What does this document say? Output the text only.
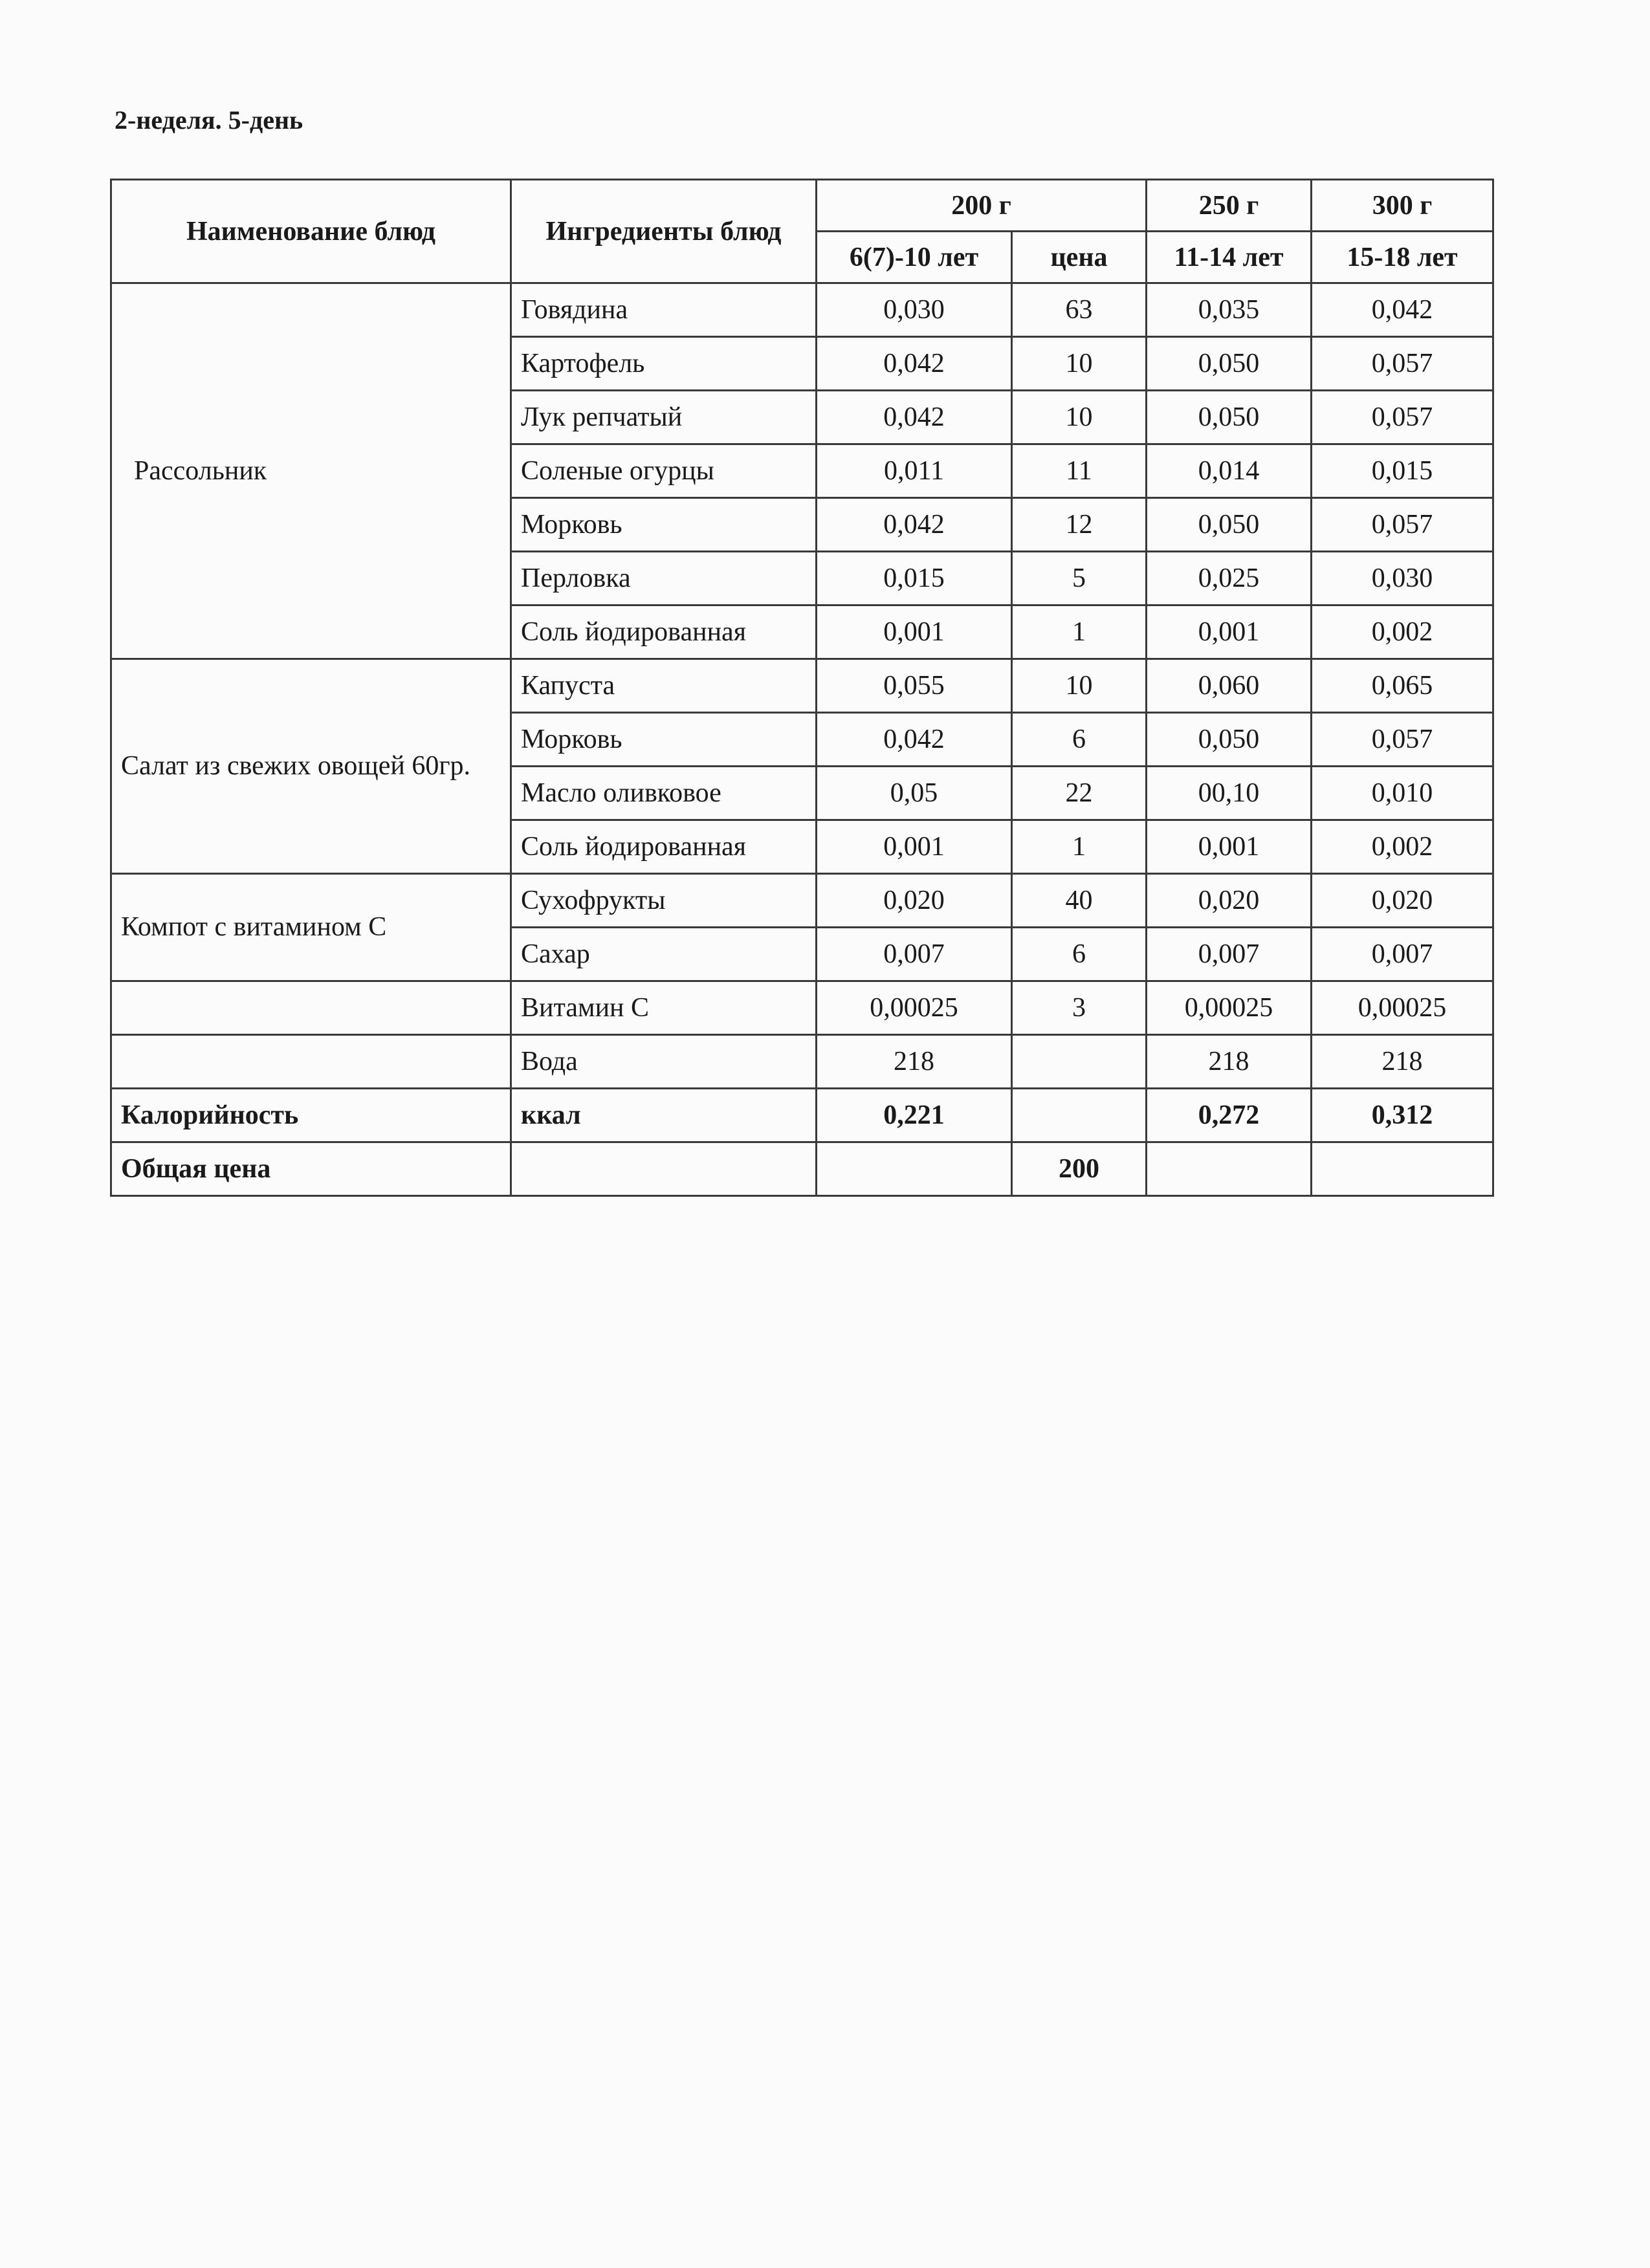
2-неделя. 5-день
Наименование блюд	Ингредиенты блюд	200 г		250 г	300 г
		6(7)-10 лет	цена	11-14 лет	15-18 лет
Рассольник	Говядина	0,030	63	0,035	0,042
	Картофель	0,042	10	0,050	0,057
	Лук репчатый	0,042	10	0,050	0,057
	Соленые огурцы	0,011	11	0,014	0,015
	Морковь	0,042	12	0,050	0,057
	Перловка	0,015	5	0,025	0,030
	Соль йодированная	0,001	1	0,001	0,002
Салат из свежих овощей 60гр.	Капуста	0,055	10	0,060	0,065
	Морковь	0,042	6	0,050	0,057
	Масло оливковое	0,05	22	00,10	0,010
	Соль йодированная	0,001	1	0,001	0,002
Компот с витамином С	Сухофрукты	0,020	40	0,020	0,020
	Сахар	0,007	6	0,007	0,007
	Витамин С	0,00025	3	0,00025	0,00025
	Вода	218		218	218
Калорийность	ккал	0,221		0,272	0,312
Общая цена			200		
